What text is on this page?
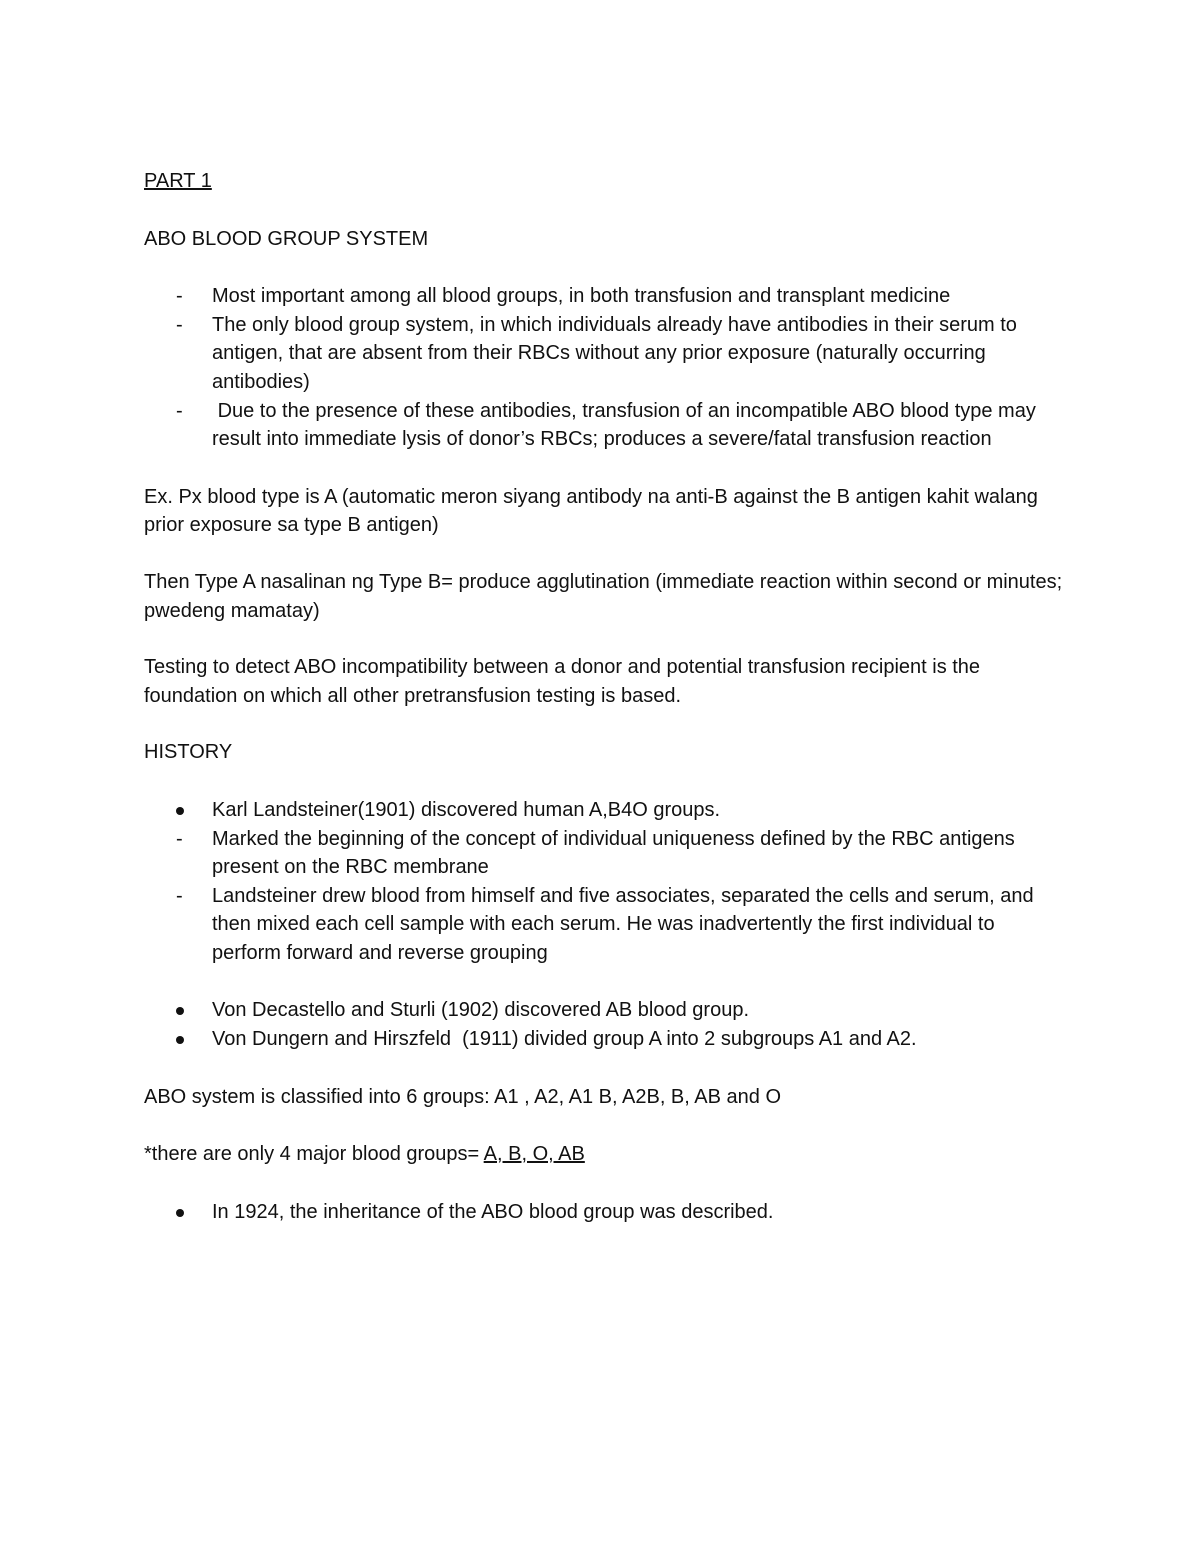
PART 1

ABO BLOOD GROUP SYSTEM

-	Most important among all blood groups, in both transfusion and transplant medicine
-	The only blood group system, in which individuals already have antibodies in their serum to antigen, that are absent from their RBCs without any prior exposure (naturally occurring antibodies)
-	Due to the presence of these antibodies, transfusion of an incompatible ABO blood type may result into immediate lysis of donor’s RBCs; produces a severe/fatal transfusion reaction

Ex. Px blood type is A (automatic meron siyang antibody na anti-B against the B antigen kahit walang prior exposure sa type B antigen)

Then Type A nasalinan ng Type B= produce agglutination (immediate reaction within second or minutes; pwedeng mamatay)

Testing to detect ABO incompatibility between a donor and potential transfusion recipient is the foundation on which all other pretransfusion testing is based.

HISTORY

Karl Landsteiner(1901) discovered human A,B4O groups.
-	Marked the beginning of the concept of individual uniqueness defined by the RBC antigens present on the RBC membrane
-	Landsteiner drew blood from himself and five associates, separated the cells and serum, and then mixed each cell sample with each serum. He was inadvertently the first individual to perform forward and reverse grouping
Von Decastello and Sturli (1902) discovered AB blood group.
Von Dungern and Hirszfeld  (1911) divided group A into 2 subgroups A1 and A2.

ABO system is classified into 6 groups: A1 , A2, A1 B, A2B, B, AB and O

*there are only 4 major blood groups= A, B, O, AB

In 1924, the inheritance of the ABO blood group was described.
